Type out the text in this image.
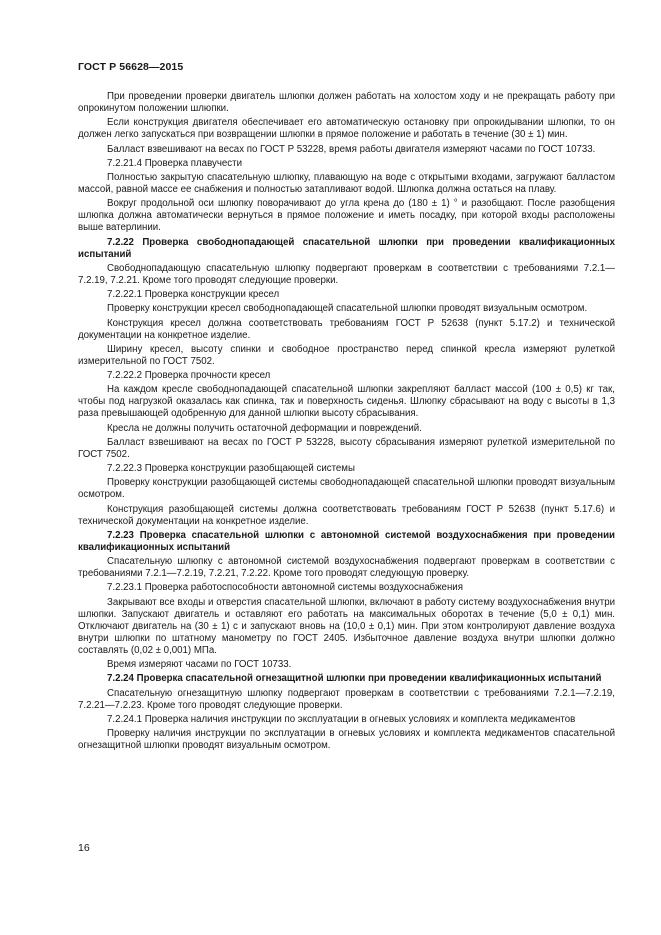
ГОСТ Р 56628—2015

При проведении проверки двигатель шлюпки должен работать на холостом ходу и не прекращать работу при опрокинутом положении шлюпки.

Если конструкция двигателя обеспечивает его автоматическую остановку при опрокидывании шлюпки, то он должен легко запускаться при возвращении шлюпки в прямое положение и работать в течение (30 ± 1) мин.

Балласт взвешивают на весах по ГОСТ Р 53228, время работы двигателя измеряют часами по ГОСТ 10733.

7.2.21.4 Проверка плавучести

Полностью закрытую спасательную шлюпку, плавающую на воде с открытыми входами, загружают балластом массой, равной массе ее снабжения и полностью затапливают водой. Шлюпка должна остаться на плаву.

Вокруг продольной оси шлюпку поворачивают до угла крена до (180 ± 1) ° и разобщают. После разобщения шлюпка должна автоматически вернуться в прямое положение и иметь посадку, при которой входы расположены выше ватерлинии.

7.2.22 Проверка свободнопадающей спасательной шлюпки при проведении квалификационных испытаний

Свободнопадающую спасательную шлюпку подвергают проверкам в соответствии с требованиями 7.2.1—7.2.19, 7.2.21. Кроме того проводят следующие проверки.

7.2.22.1 Проверка конструкции кресел

Проверку конструкции кресел свободнопадающей спасательной шлюпки проводят визуальным осмотром.

Конструкция кресел должна соответствовать требованиям ГОСТ Р 52638 (пункт 5.17.2) и технической документации на конкретное изделие.

Ширину кресел, высоту спинки и свободное пространство перед спинкой кресла измеряют рулеткой измерительной по ГОСТ 7502.

7.2.22.2 Проверка прочности кресел

На каждом кресле свободнопадающей спасательной шлюпки закрепляют балласт массой (100 ± 0,5) кг так, чтобы под нагрузкой оказалась как спинка, так и поверхность сиденья. Шлюпку сбрасывают на воду с высоты в 1,3 раза превышающей одобренную для данной шлюпки высоту сбрасывания.

Кресла не должны получить остаточной деформации и повреждений.

Балласт взвешивают на весах по ГОСТ Р 53228, высоту сбрасывания измеряют рулеткой измерительной по ГОСТ 7502.

7.2.22.3 Проверка конструкции разобщающей системы

Проверку конструкции разобщающей системы свободнопадающей спасательной шлюпки проводят визуальным осмотром.

Конструкция разобщающей системы должна соответствовать требованиям ГОСТ Р 52638 (пункт 5.17.6) и технической документации на конкретное изделие.

7.2.23 Проверка спасательной шлюпки с автономной системой воздухоснабжения при проведении квалификационных испытаний

Спасательную шлюпку с автономной системой воздухоснабжения подвергают проверкам в соответствии с требованиями 7.2.1—7.2.19, 7.2.21, 7.2.22. Кроме того проводят следующую проверку.

7.2.23.1 Проверка работоспособности автономной системы воздухоснабжения

Закрывают все входы и отверстия спасательной шлюпки, включают в работу систему воздухоснабжения внутри шлюпки. Запускают двигатель и оставляют его работать на максимальных оборотах в течение (5,0 ± 0,1) мин. Отключают двигатель на (30 ± 1) с и запускают вновь на (10,0 ± 0,1) мин. При этом контролируют давление воздуха внутри шлюпки по штатному манометру по ГОСТ 2405. Избыточное давление воздуха внутри шлюпки должно составлять (0,02 ± 0,001) МПа.

Время измеряют часами по ГОСТ 10733.

7.2.24 Проверка спасательной огнезащитной шлюпки при проведении квалификационных испытаний

Спасательную огнезащитную шлюпку подвергают проверкам в соответствии с требованиями 7.2.1—7.2.19, 7.2.21—7.2.23. Кроме того проводят следующие проверки.

7.2.24.1 Проверка наличия инструкции по эксплуатации в огневых условиях и комплекта медикаментов

Проверку наличия инструкции по эксплуатации в огневых условиях и комплекта медикаментов спасательной огнезащитной шлюпки проводят визуальным осмотром.

16
